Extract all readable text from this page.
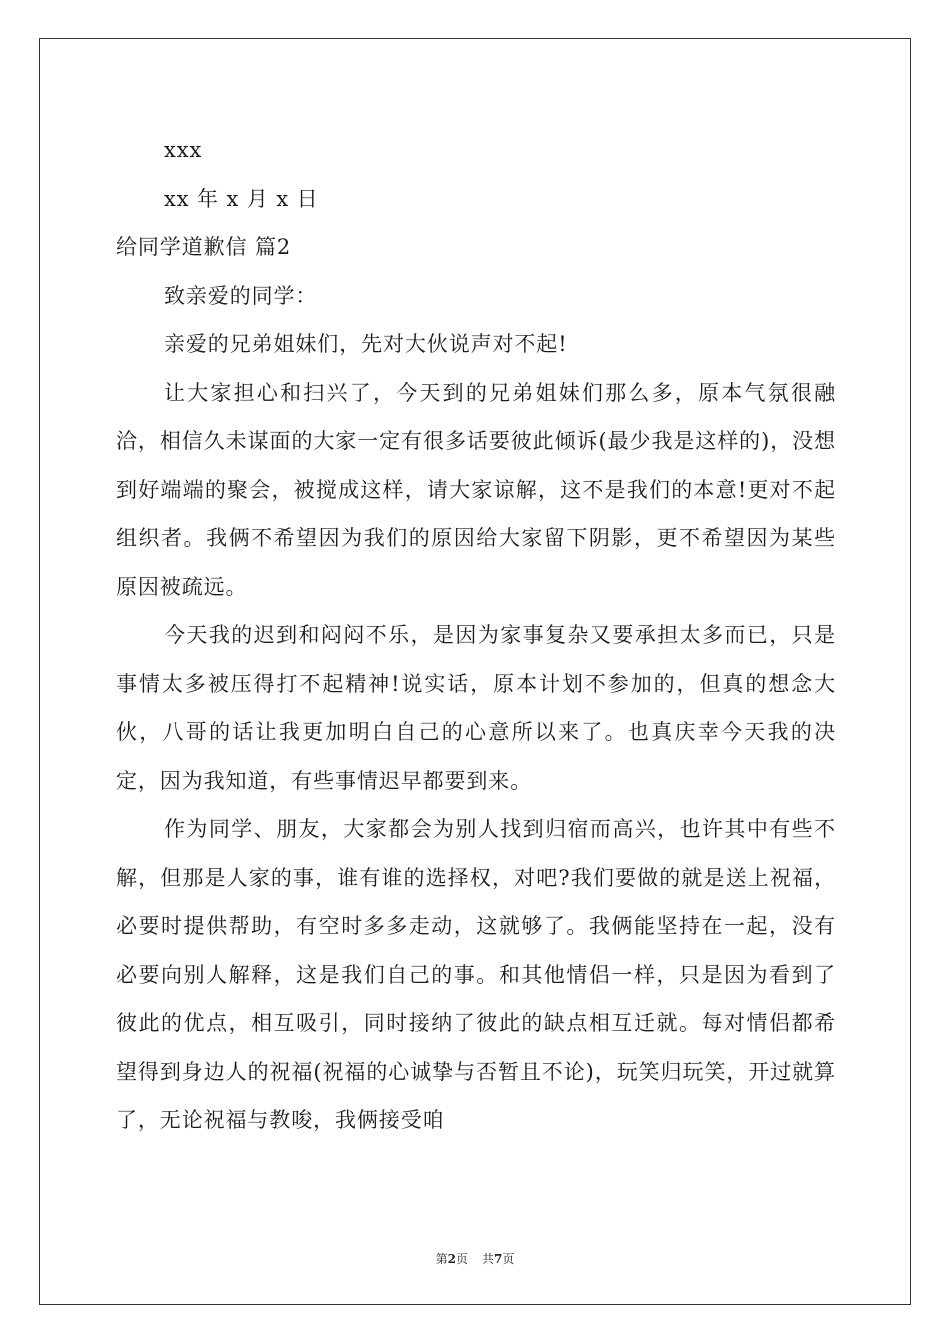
xxx
xx 年 x 月 x 日
给同学道歉信 篇2
致亲爱的同学：

亲爱的兄弟姐妹们，先对大伙说声对不起!

让大家担心和扫兴了，今天到的兄弟姐妹们那么多，原本气氛很融洽，相信久未谋面的大家一定有很多话要彼此倾诉(最少我是这样的)，没想到好端端的聚会，被搅成这样，请大家谅解，这不是我们的本意!更对不起组织者。我俩不希望因为我们的原因给大家留下阴影，更不希望因为某些原因被疏远。

今天我的迟到和闷闷不乐，是因为家事复杂又要承担太多而已，只是事情太多被压得打不起精神!说实话，原本计划不参加的，但真的想念大伙，八哥的话让我更加明白自己的心意所以来了。也真庆幸今天我的决定，因为我知道，有些事情迟早都要到来。

作为同学、朋友，大家都会为别人找到归宿而高兴，也许其中有些不解，但那是人家的事，谁有谁的选择权，对吧?我们要做的就是送上祝福，必要时提供帮助，有空时多多走动，这就够了。我俩能坚持在一起，没有必要向别人解释，这是我们自己的事。和其他情侣一样，只是因为看到了彼此的优点，相互吸引，同时接纳了彼此的缺点相互迁就。每对情侣都希望得到身边人的祝福(祝福的心诚挚与否暂且不论)，玩笑归玩笑，开过就算了，无论祝福与教唆，我俩接受咱

第2页 共7页
